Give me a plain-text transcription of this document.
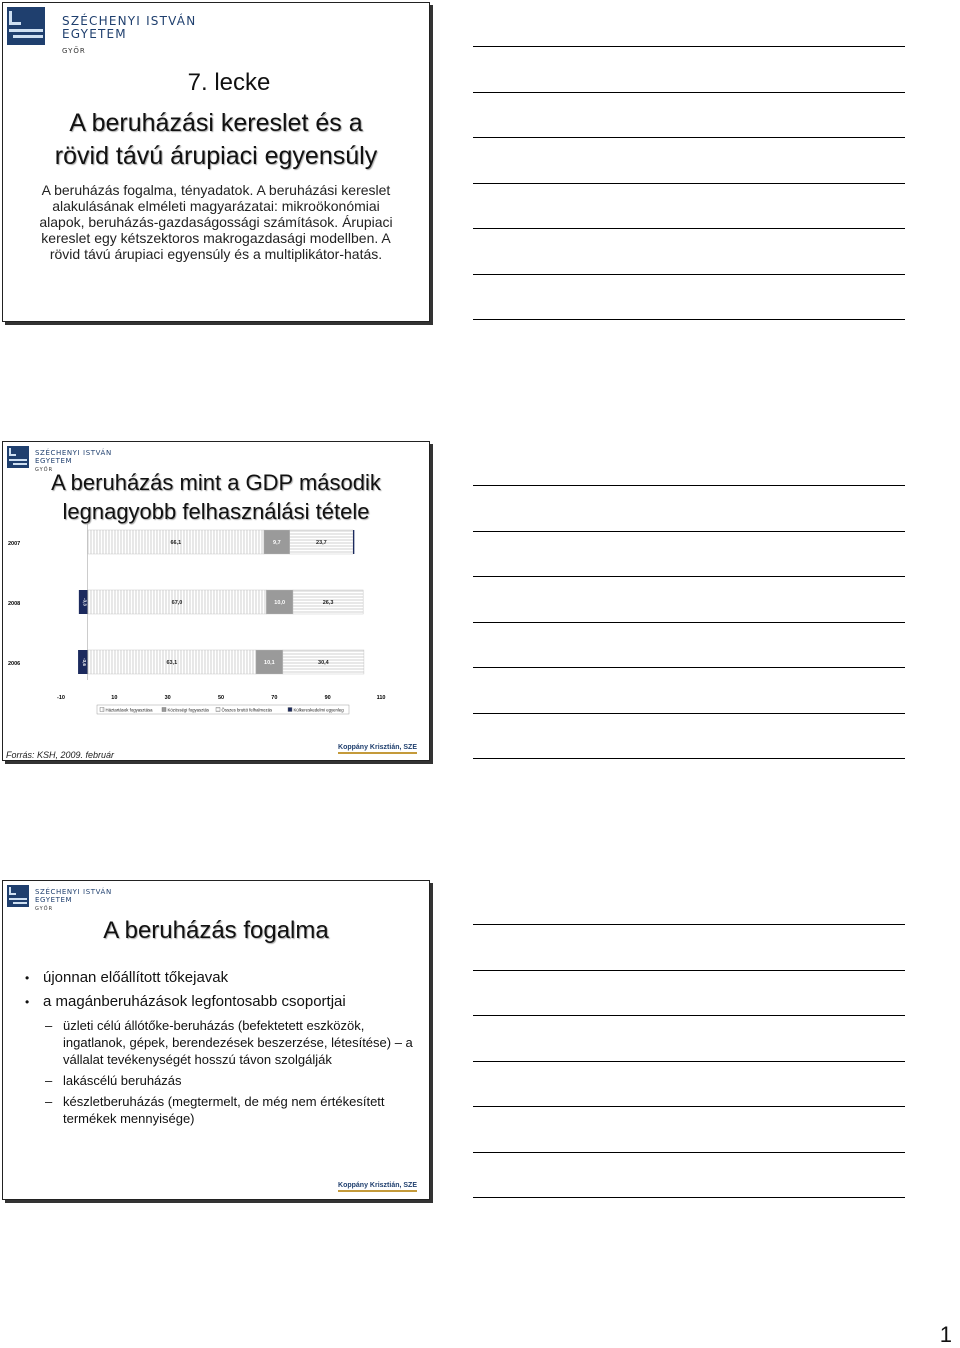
SZÉCHENYI ISTVÁN
EGYETEM
GYŐR
7. lecke
A beruházási kereslet és a
rövid távú árupiaci egyensúly
A beruházás fogalma, tényadatok. A beruházási kereslet alakulásának elméleti magyarázatai: mikroökonómiai alapok, beruházás-gazdaságossági számítások. Árupiaci kereslet egy kétszektoros makrogazdasági modellben. A rövid távú árupiaci egyensúly és a multiplikátor-hatás.
SZÉCHENYI ISTVÁN
EGYETEM
GYŐR
A beruházás mint a GDP második
legnagyobb felhasználási tétele
2007	66,1	9,7	23,7
2008	-3,3	67,0	10,0	26,3
2006	-3,6	63,1	10,1	30,4
-10	10	30	50	70	90	110
Háztartások fogyasztása	Közösségi fogyasztás	Összes bruttó felhalmozás	Külkereskedelmi egyenleg
Forrás: KSH, 2009. február
Koppány Krisztián, SZE
SZÉCHENYI ISTVÁN
EGYETEM
GYŐR
A beruházás fogalma
• újonnan előállított tőkejavak
• a magánberuházások legfontosabb csoportjai
– üzleti célú állótőke-beruházás (befektetett eszközök, ingatlanok, gépek, berendezések beszerzése, létesítése) – a vállalat tevékenységét hosszú távon szolgálják
– lakáscélú beruházás
– készletberuházás (megtermelt, de még nem értékesített termékek mennyisége)
Koppány Krisztián, SZE
1
